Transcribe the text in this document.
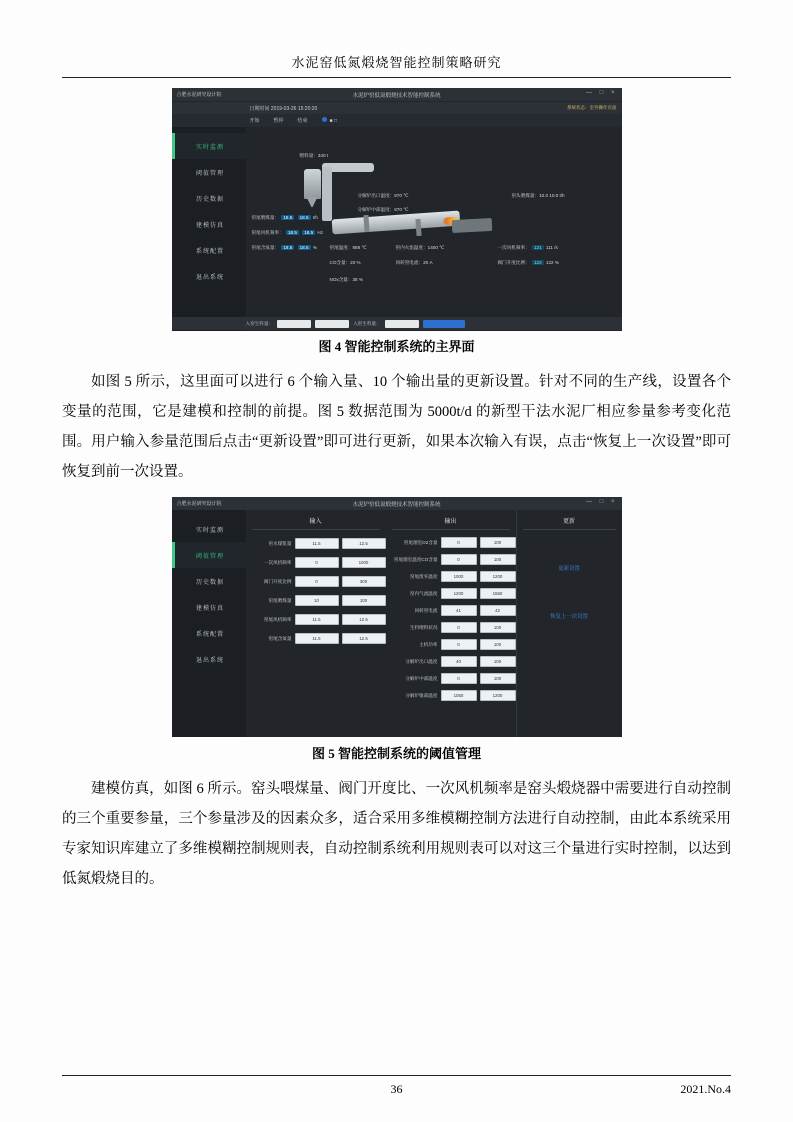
水泥窑低氮煅烧智能控制策略研究
合肥水泥研究设计院	水泥炉窑低氮煅烧技术智能控制系统	— □ ×
日期时间 2019-03-26 15:20:20	系统状态：室外操作页面
开始	暂停	结束	■ □
实时监测
阈值管理
历史数据
建模仿真
系统配置
退出系统
喂料量：340 t
分解炉出口温度：870 ℃
分解炉中部温度：870 ℃
窑头喂煤量：10.0 10.0 t/h
窑尾喂煤量： 18.5 18.5 t/h
窑尾风机频率： 18.5 18.5 Hz
窑尾含氧量： 18.5 18.5 %	窑尾温度：888 ℃	窑内火焰温度：1400 ℃
CO含量：20 %	回转窑电流：20 A
NOx含量：38 %
一次风机频率： 121 111 /s
阀门开度比例： 122 122 %
入窑生料量：	入窑生料量：
图 4 智能控制系统的主界面

如图 5 所示，这里面可以进行 6 个输入量、10 个输出量的更新设置。针对不同的生产线，设置各个变量的范围，它是建模和控制的前提。图 5 数据范围为 5000t/d 的新型干法水泥厂相应参量参考变化范围。用户输入参量范围后点击“更新设置”即可进行更新，如果本次输入有误，点击“恢复上一次设置”即可恢复到前一次设置。

合肥水泥研究设计院	水泥炉窑低氮煅烧技术智能控制系统	— □ ×
实时监测
阈值管理
历史数据
建模仿真
系统配置
退出系统
输入
窑水煤浆量	11.5	12.5
一次风机频率	0	1000
阀门开度比例	0	300
窑尾喂煤量	10	100
窑尾风机频率	11.5	12.5
窑尾含氧量	11.5	12.5
输出
窑尾烟室O2含量	0	100
窑尾烟室温度CO含量	0	100
窑尾废弃温度	1000	1200
窑内气流温度	1200	1550
回转窑电流	41	42
生料喂料状况	0	100
主机功率	0	100
分解炉出口温度	40	100
分解炉中部温度	0	100
分解炉锥部温度	1050	1200
更新
更新设置
恢复上一次设置
图 5 智能控制系统的阈值管理

建模仿真，如图 6 所示。窑头喂煤量、阀门开度比、一次风机频率是窑头煅烧器中需要进行自动控制的三个重要参量，三个参量涉及的因素众多，适合采用多维模糊控制方法进行自动控制，由此本系统采用专家知识库建立了多维模糊控制规则表，自动控制系统利用规则表可以对这三个量进行实时控制，以达到低氮煅烧目的。

36	2021.No.4
